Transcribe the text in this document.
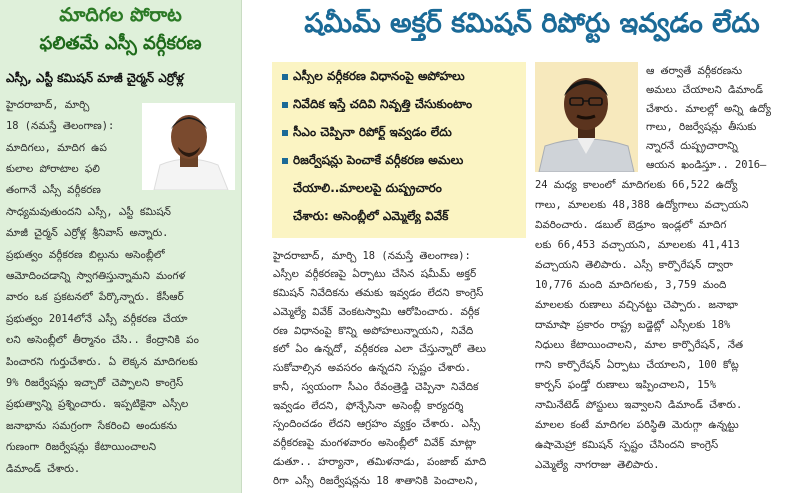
మాదిగల పోరాట
ఫలితమే ఎస్సీ వర్గీకరణ
ఎస్సీ, ఎస్టీ కమిషన్ మాజీ చైర్మన్ ఎర్రోళ్ల
హైదరాబాద్, మార్చి
18 (నమస్తే తెలంగాణ):
మాదిగలు, మాదిగ ఉప
కులాల పోరాటాల ఫలి
తంగానే ఎస్సీ వర్గీకరణ
సాధ్యమవుతుందని ఎస్సీ, ఎస్టీ కమిషన్
మాజీ చైర్మన్ ఎర్రోళ్ల శ్రీనివాస్ అన్నారు.
ప్రభుత్వం వర్గీకరణ బిల్లును అసెంబ్లీలో
ఆమోదించడాన్ని స్వాగతిస్తున్నామని మంగళ
వారం ఒక ప్రకటనలో పేర్కొన్నారు. కేసీఆర్
ప్రభుత్వం 2014లోనే ఎస్సీ వర్గీకరణ చేయా
లని అసెంబ్లీలో తీర్మానం చేసి.. కేంద్రానికి పం
పించారని గుర్తుచేశారు. ఏ లెక్కన మాదిగలకు
9% రిజర్వేషన్లు ఇచ్చారో చెప్పాలని కాంగ్రెస్
ప్రభుత్వాన్ని ప్రశ్నించారు. ఇప్పటికైనా ఎస్సీల
జనాభాను సమగ్రంగా సేకరించి అందుకను
గుణంగా రిజర్వేషన్లు కేటాయించాలని
డిమాండ్ చేశారు.
షమీమ్ అక్తర్ కమిషన్ రిపోర్టు ఇవ్వడం లేదు
ఎస్సీల వర్గీకరణ విధానంపై అపోహలు
నివేదిక ఇస్తే చదివి నివృత్తి చేసుకుంటాం
సీఎం చెప్పినా రిపోర్ట్ ఇవ్వడం లేదు
రిజర్వేషన్లు పెంచాకే వర్గీకరణ అమలు
చేయాలి..మాలలపై దుష్ప్రచారం
చేశారు: అసెంబ్లీలో ఎమ్మెల్యే వివేక్
హైదరాబాద్, మార్చి 18 (నమస్తే తెలంగాణ):
ఎస్సీల వర్గీకరణపై ఏర్పాటు చేసిన షమీమ్ అక్తర్
కమిషన్ నివేదికను తమకు ఇవ్వడం లేదని కాంగ్రెస్
ఎమ్మెల్యే వివేక్ వెంకటస్వామి ఆరోపించారు. వర్గీక
రణ విధానంపై కొన్ని అపోహలున్నాయని, నివేది
కలో ఏం ఉన్నదో, వర్గీకరణ ఎలా చేస్తున్నారో తెలు
సుకోవాల్సిన అవసరం ఉన్నదని స్పష్టం చేశారు.
కానీ, స్వయంగా సీఎం రేవంత్రెడ్డి చెప్పినా నివేదిక
ఇవ్వడం లేదని, ఫోన్చేసినా అసెంబ్లీ కార్యదర్శి
స్పందించడం లేదని ఆగ్రహం వ్యక్తం చేశారు. ఎస్సీ
వర్గీకరణపై మంగళవారం అసెంబ్లీలో వివేక్ మాట్లా
డుతూ.. హర్యానా, తమిళనాడు, పంజాబ్ మాది
రిగా ఎస్సీ రిజర్వేషన్లను 18 శాతానికి పెంచాలని,
ఆ తర్వాతే వర్గీకరణను
అమలు చేయాలని డిమాండ్
చేశారు. మాలల్లో అన్ని ఉద్యో
గాలు, రిజర్వేషన్లు తీసుకు
న్నారనే దుష్ప్రచారాన్ని
ఆయన ఖండిస్తూ.. 2016–
24 మధ్య కాలంలో మాదిగలకు 66,522 ఉద్యో
గాలు, మాలలకు 48,388 ఉద్యోగాలు వచ్చాయని
వివరించారు. డబుల్ బెడ్రూం ఇండ్లలో మాదిగ
లకు 66,453 వచ్చాయని, మాలలకు 41,413
వచ్చాయని తెలిపారు. ఎస్సీ కార్పొరేషన్ ద్వారా
10,776 మంది మాదిగలకు, 3,759 మంది
మాలలకు రుణాలు వచ్చినట్టు చెప్పారు. జనాభా
దామాషా ప్రకారం రాష్ట్ర బడ్జెట్లో ఎస్సీలకు 18%
నిధులు కేటాయించాలని, మాల కార్పొరేషన్, నేత
గాని కార్పొరేషన్ ఏర్పాటు చేయాలని, 100 కోట్ల
కార్పస్ ఫండ్తో రుణాలు ఇప్పించాలని, 15%
నామినేటెడ్ పోస్టులు ఇవ్వాలని డిమాండ్ చేశారు.
మాలల కంటే మాదిగల పరిస్థితి మెరుగ్గా ఉన్నట్టు
ఉషామెహ్రా కమిషన్ స్పష్టం చేసిందని కాంగ్రెస్
ఎమ్మెల్యే నాగరాజు తెలిపారు.
